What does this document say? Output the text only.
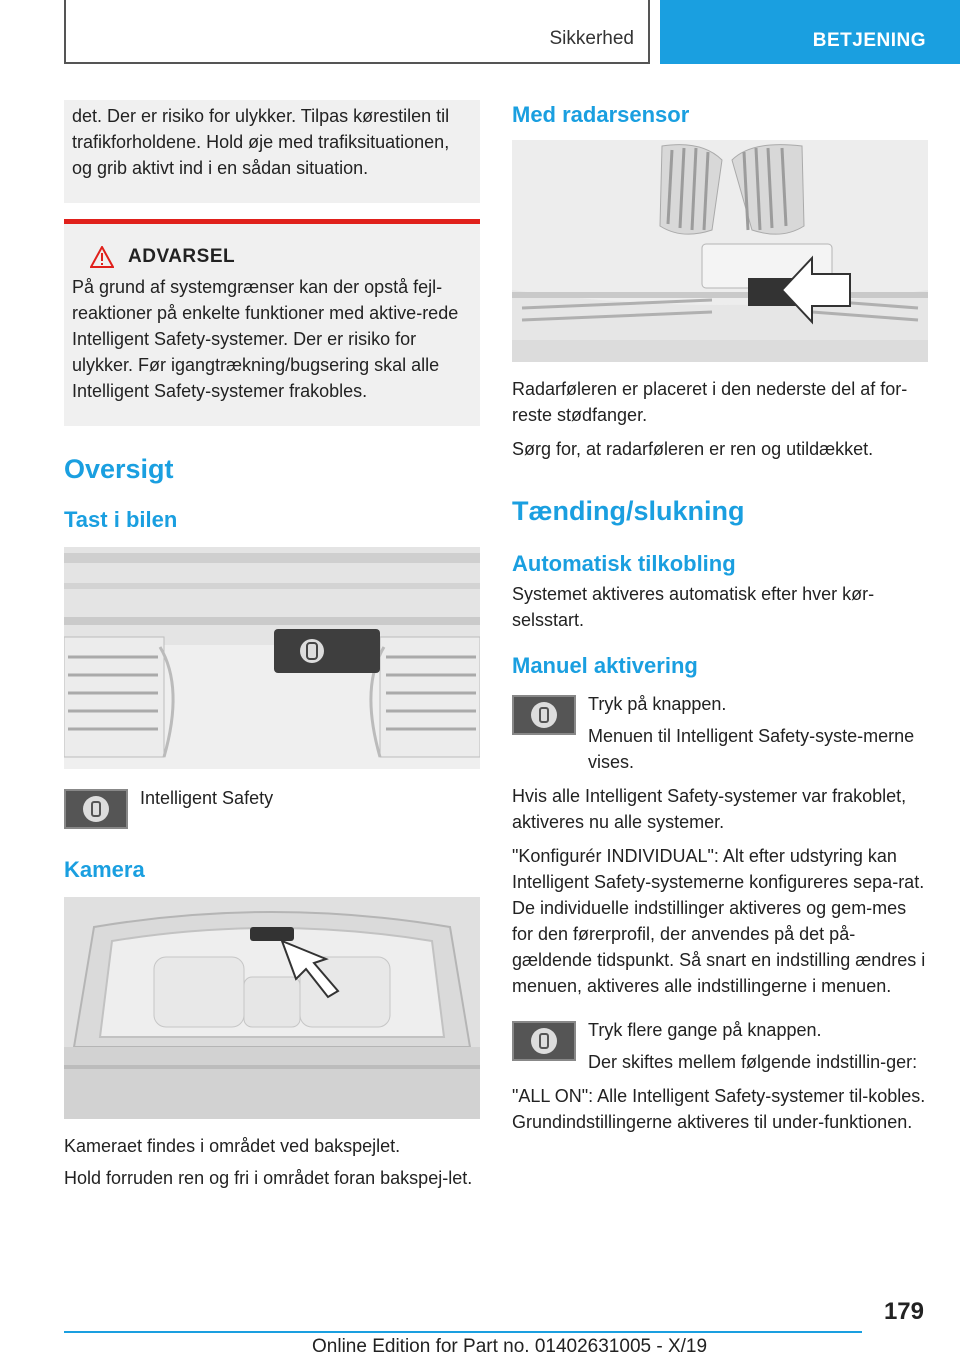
Sikkerhed	BETJENING

det. Der er risiko for ulykker. Tilpas kørestilen til trafikforholdene. Hold øje med trafiksituationen, og grib aktivt ind i en sådan situation.

ADVARSEL

På grund af systemgrænser kan der opstå fejl-reaktioner på enkelte funktioner med aktive-rede Intelligent Safety-systemer. Der er risiko for ulykker. Før igangtrækning/bugsering skal alle Intelligent Safety-systemer frakobles.

Oversigt
Tast i bilen

Intelligent Safety

Kamera

Kameraet findes i området ved bakspejlet.

Hold forruden ren og fri i området foran bakspej-let.

Med radarsensor

Radarføleren er placeret i den nederste del af for-reste stødfanger.

Sørg for, at radarføleren er ren og utildækket.

Tænding/slukning
Automatisk tilkobling

Systemet aktiveres automatisk efter hver kør-selsstart.

Manuel aktivering

Tryk på knappen.

Menuen til Intelligent Safety-syste-merne vises.

Hvis alle Intelligent Safety-systemer var frakoblet, aktiveres nu alle systemer.

"Konfigurér INDIVIDUAL": Alt efter udstyring kan Intelligent Safety-systemerne konfigureres sepa-rat. De individuelle indstillinger aktiveres og gem-mes for den førerprofil, der anvendes på det på-gældende tidspunkt. Så snart en indstilling ændres i menuen, aktiveres alle indstillingerne i menuen.

Tryk flere gange på knappen.

Der skiftes mellem følgende indstillin-ger:

"ALL ON": Alle Intelligent Safety-systemer til-kobles. Grundindstillingerne aktiveres til under-funktionen.

179
Online Edition for Part no. 01402631005 - X/19
